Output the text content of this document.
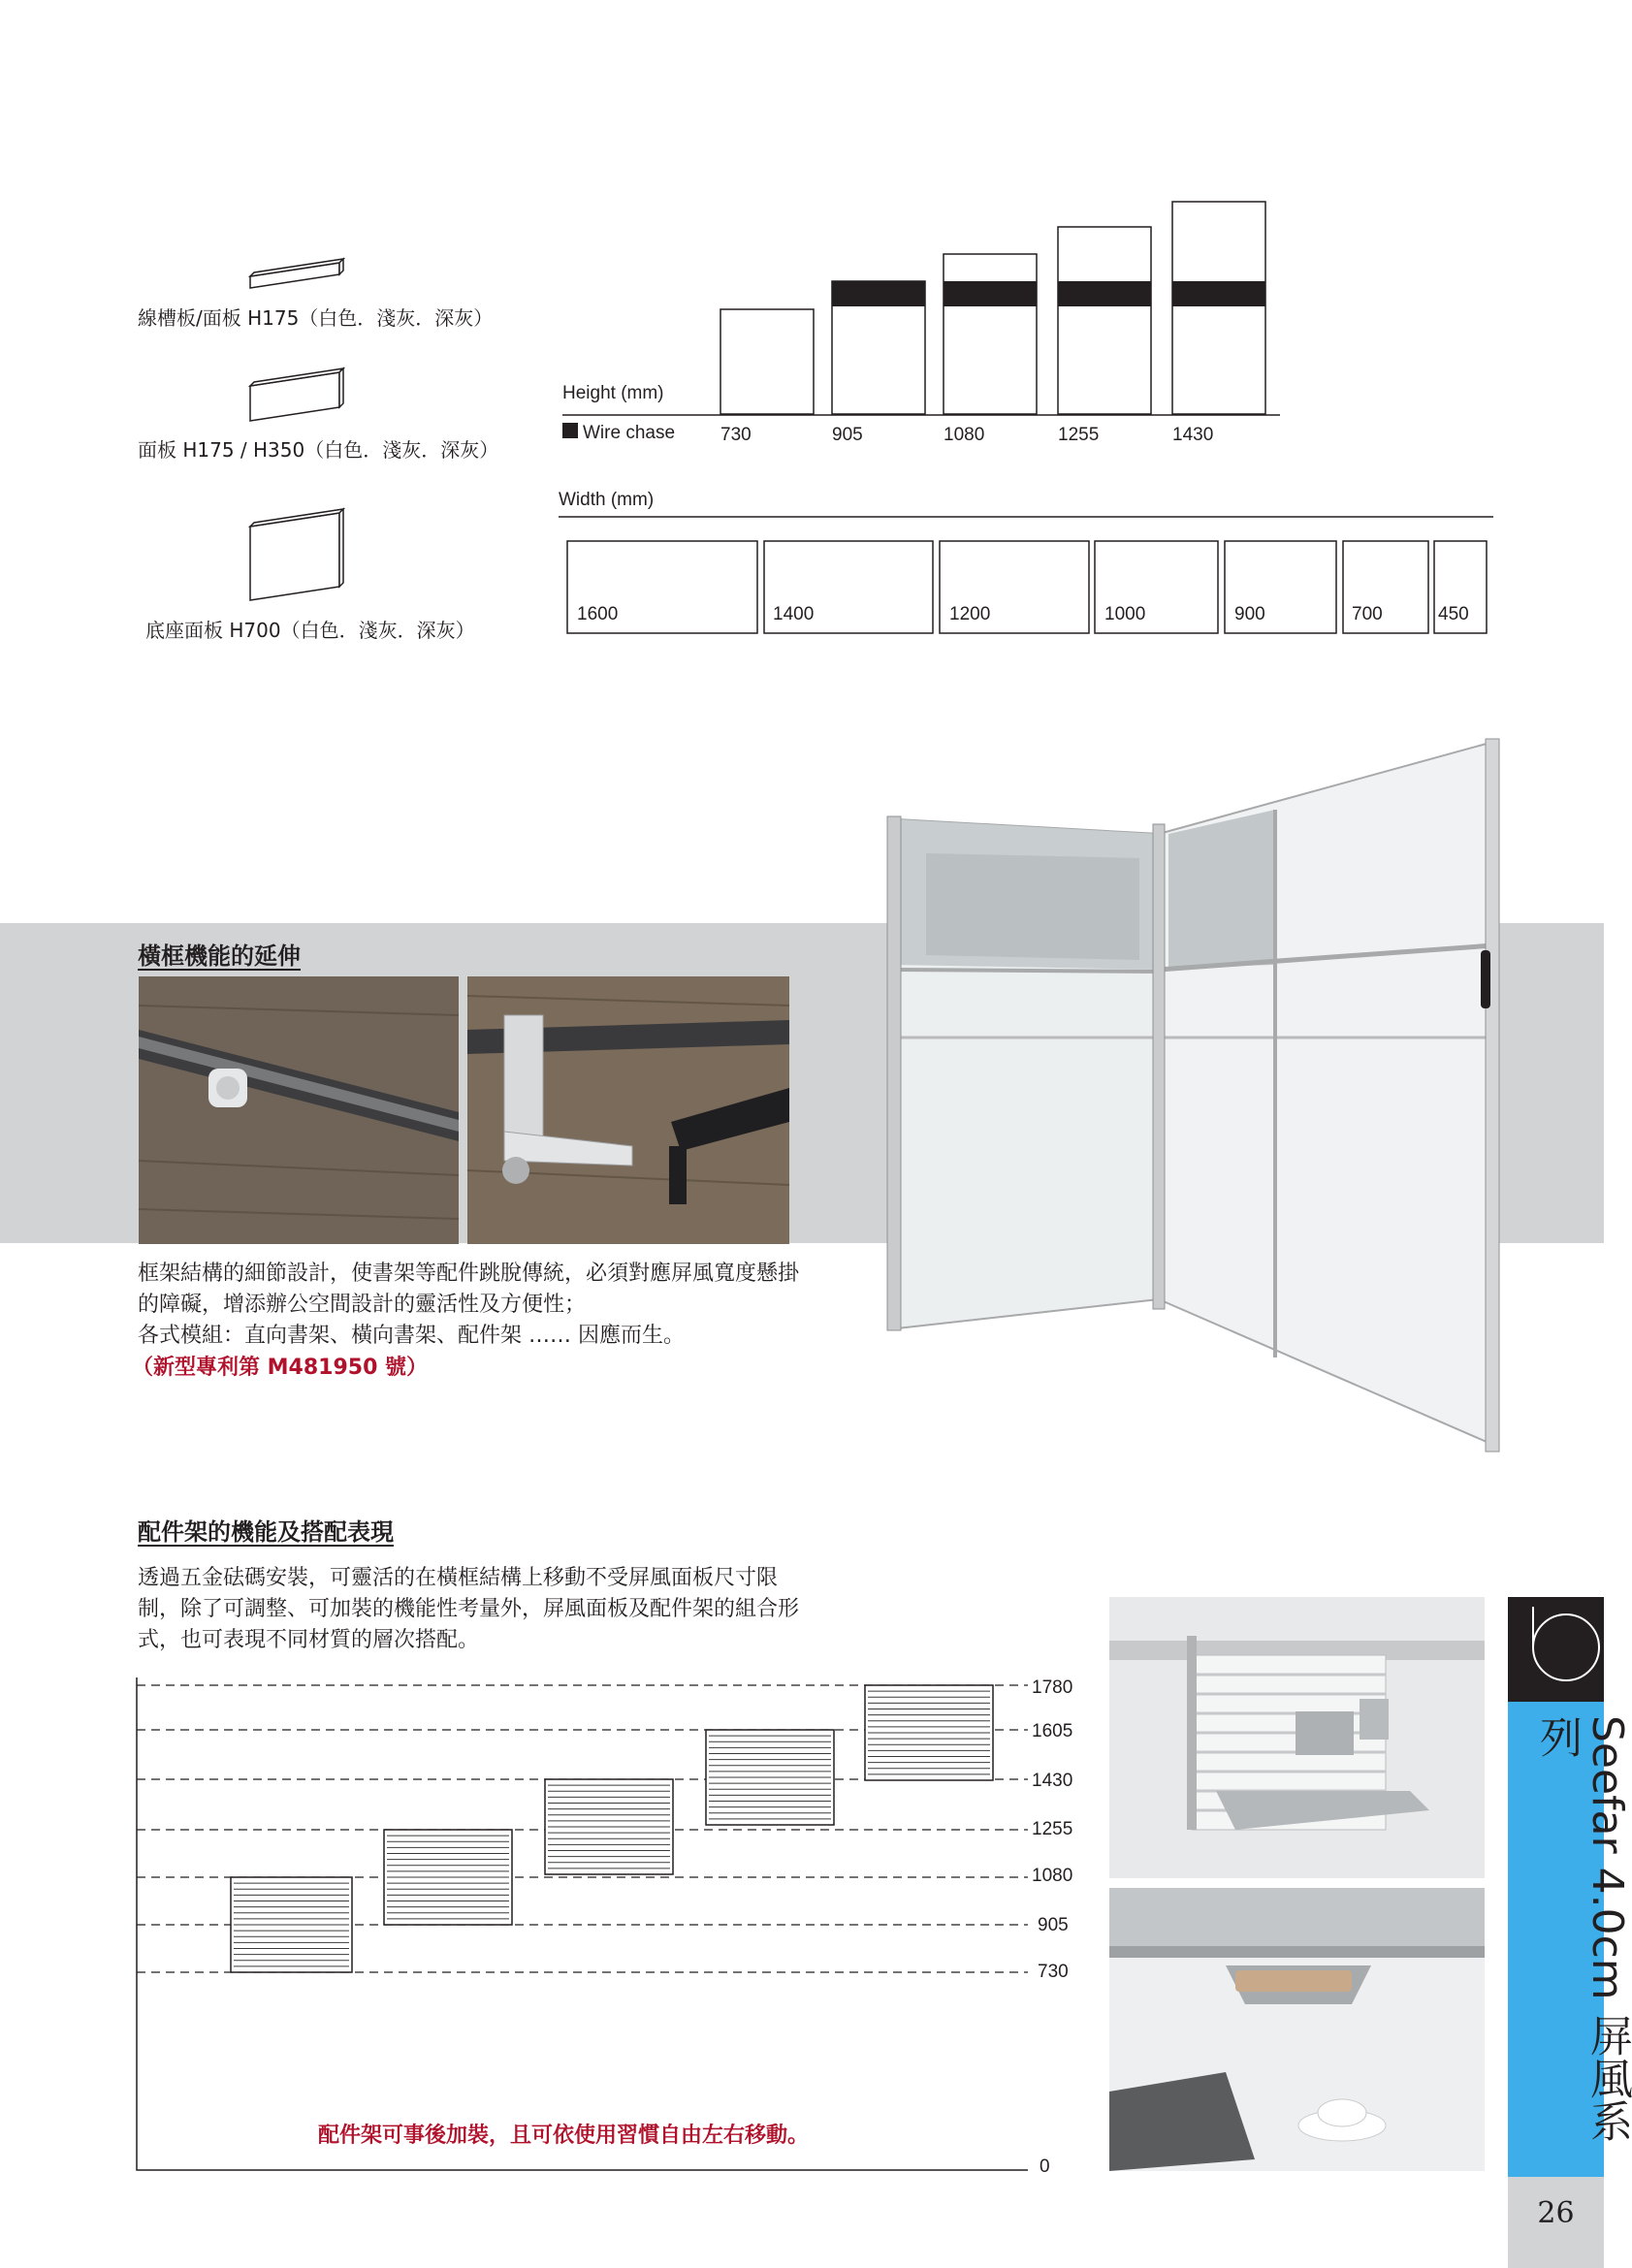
線槽板/面板 H175（白色．淺灰．深灰）
面板 H175 / H350（白色．淺灰．深灰）
底座面板 H700（白色．淺灰．深灰）
Height (mm)
Wire chase 730	905	1080	1255	1430
Width (mm)
1600	1400	1200	1000	900	700	450
橫框機能的延伸
框架結構的細節設計，使書架等配件跳脫傳統，必須對應屏風寬度懸掛
的障礙，增添辦公空間設計的靈活性及方便性；
各式模組：直向書架、橫向書架、配件架 …… 因應而生。
（新型專利第 M481950 號）
配件架的機能及搭配表現
透過五金砝碼安裝，可靈活的在橫框結構上移動不受屏風面板尺寸限
制，除了可調整、可加裝的機能性考量外，屏風面板及配件架的組合形
式，也可表現不同材質的層次搭配。
1780
1605
1430
1255
1080
905
730
0
配件架可事後加裝，且可依使用習慣自由左右移動。	Seefar 4.0cm 屏風系列
26
